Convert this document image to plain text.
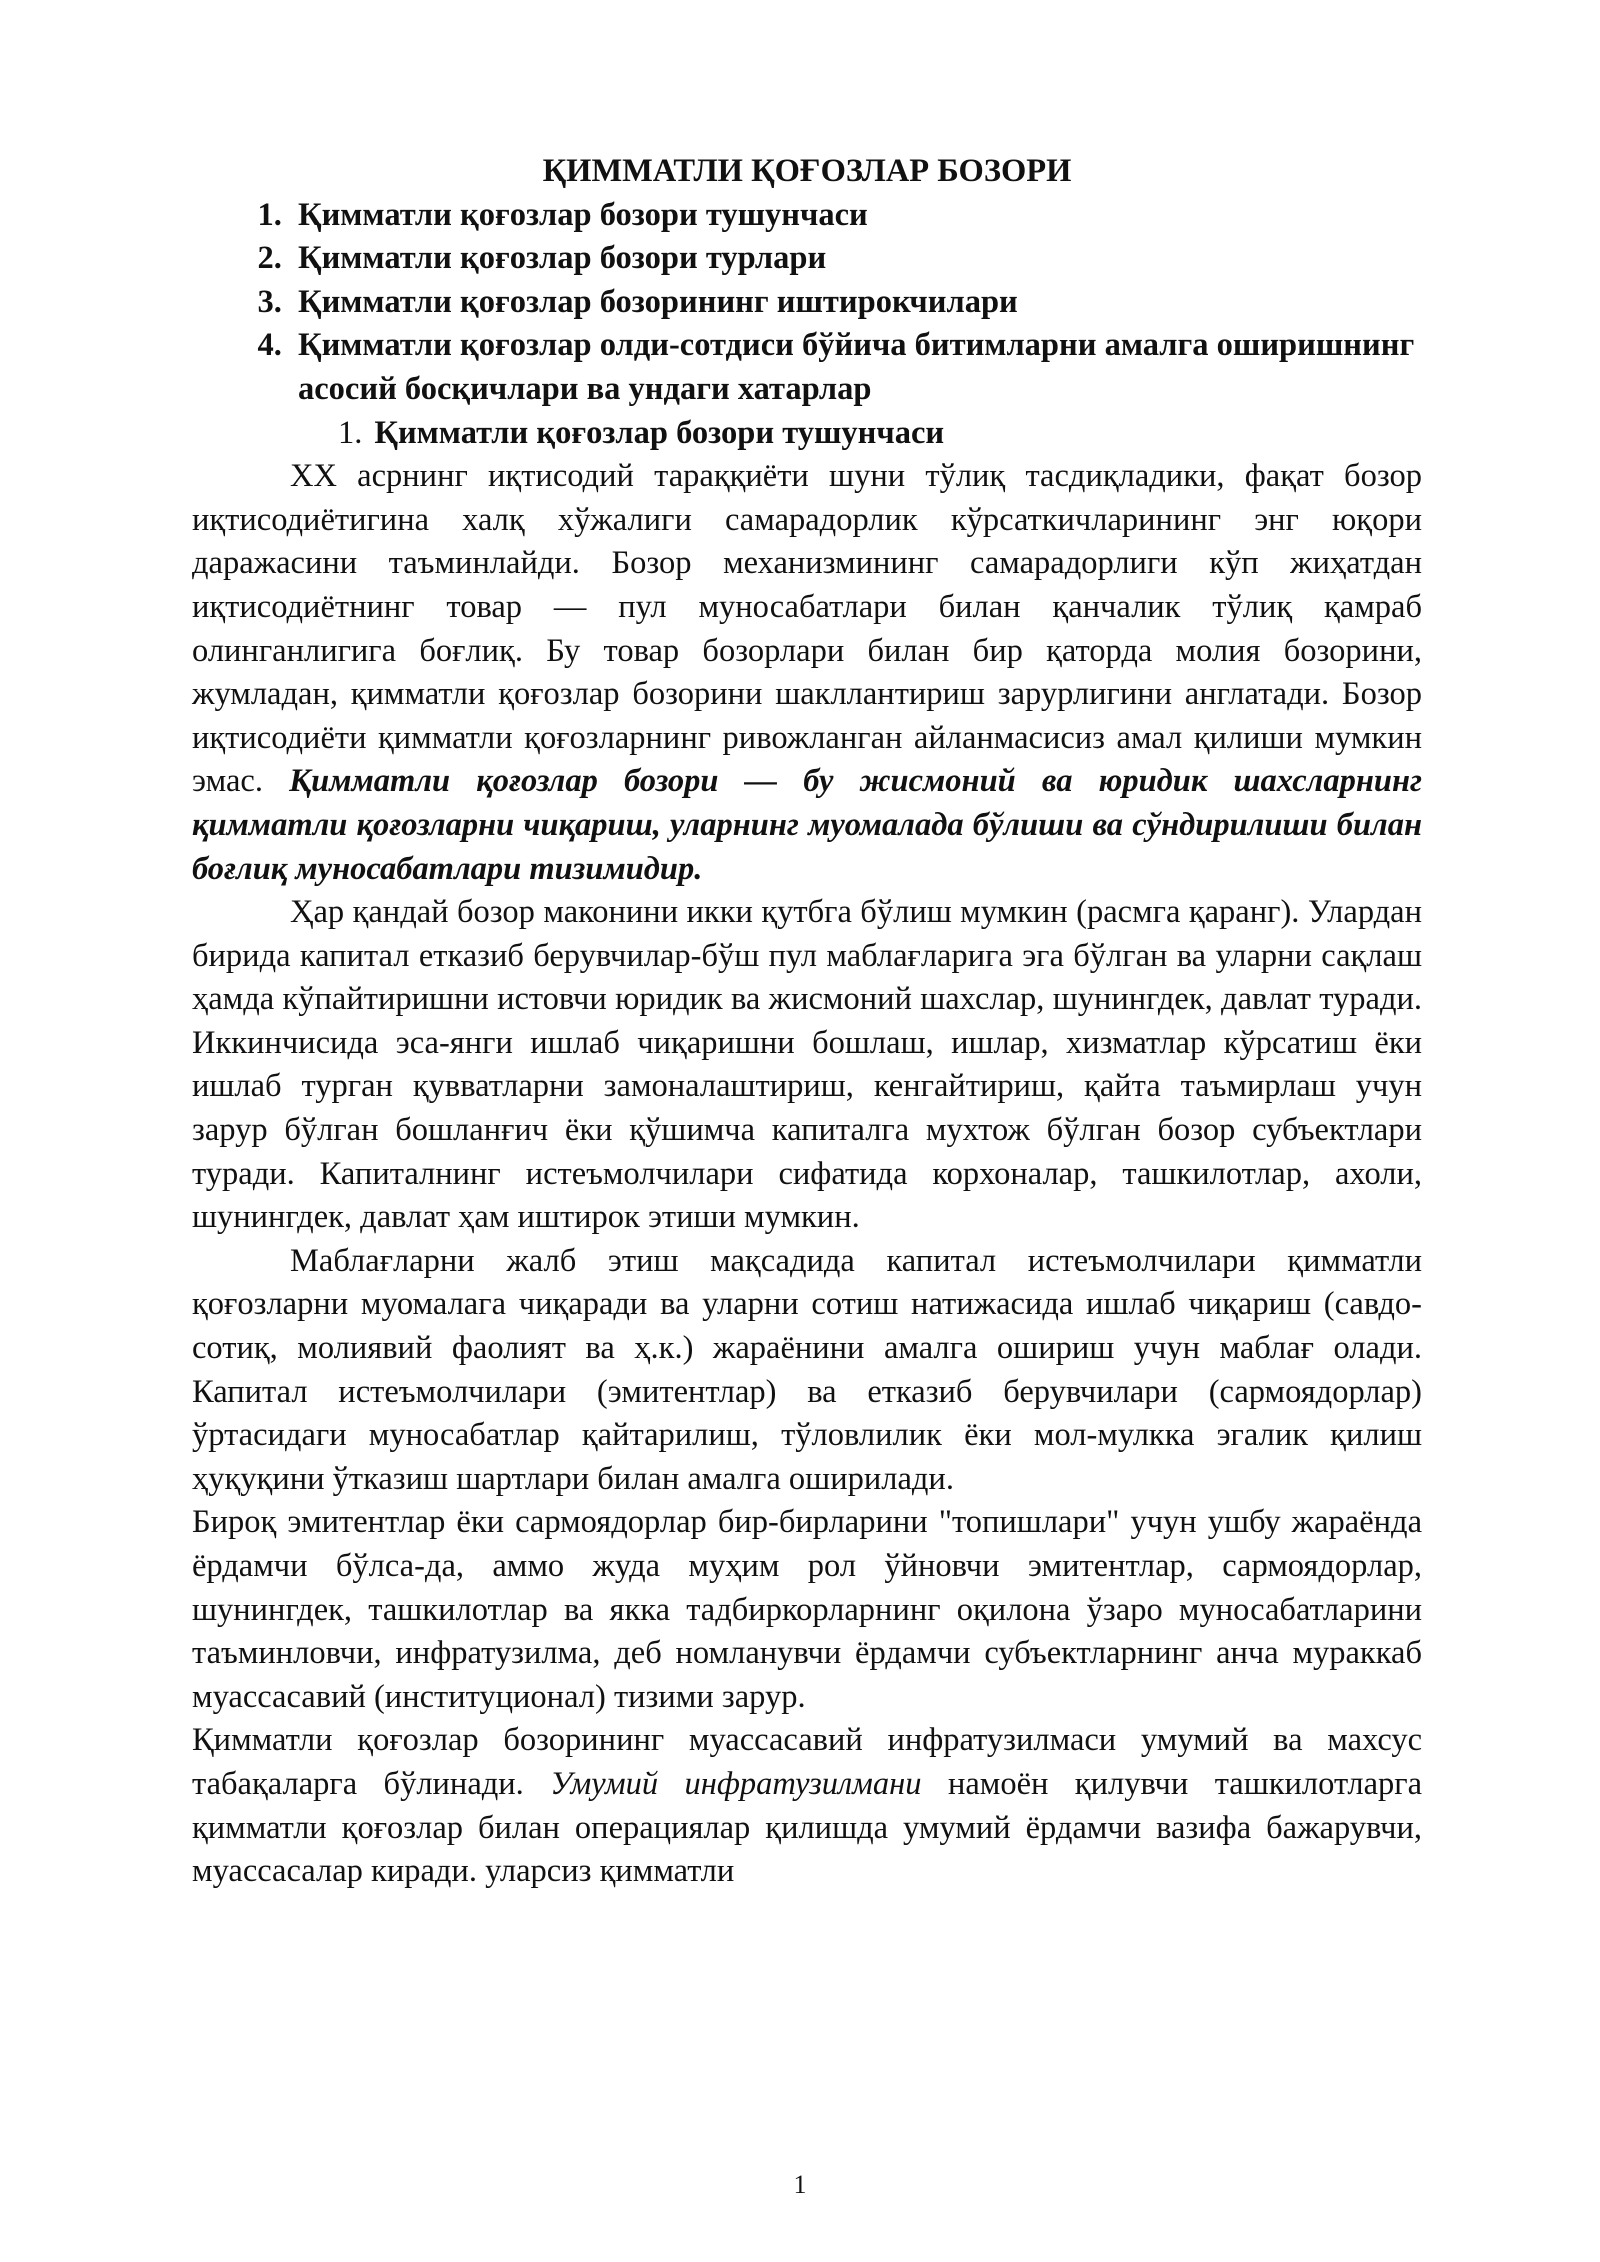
ҚИММАТЛИ ҚОҒОЗЛАР БОЗОРИ

1. Қимматли қоғозлар бозори тушунчаси
2. Қимматли қоғозлар бозори турлари
3. Қимматли қоғозлар бозорининг иштирокчилари
4. Қимматли қоғозлар олди-сотдиси бўйича битимларни амалга оширишнинг асосий босқичлари ва ундаги хатарлар

1. Қимматли қоғозлар бозори тушунчаси

XX асрнинг иқтисодий тараққиёти шуни тўлиқ тасдиқладики, фақат бозор иқтисодиётигина халқ хўжалиги самарадорлик кўрсаткичларининг энг юқори даражасини таъминлайди. Бозор механизмининг самарадорлиги кўп жиҳатдан иқтисодиётнинг товар — пул муносабатлари билан қанчалик тўлиқ қамраб олинганлигига боғлиқ. Бу товар бозорлари билан бир қаторда молия бозорини, жумладан, қимматли қоғозлар бозорини шакллантириш зарурлигини англатади. Бозор иқтисодиёти қимматли қоғозларнинг ривожланган айланмасисиз амал қилиши мумкин эмас. Қимматли қоғозлар бозори — бу жисмоний ва юридик шахсларнинг қимматли қоғозларни чиқариш, уларнинг муомалада бўлиши ва сўндирилиши билан боғлиқ муносабатлари тизимидир.

Ҳар қандай бозор маконини икки қутбга бўлиш мумкин (расмга қаранг). Улардан бирида капитал етказиб берувчилар-бўш пул маблағларига эга бўлган ва уларни сақлаш ҳамда кўпайтиришни истовчи юридик ва жисмоний шахслар, шунингдек, давлат туради. Иккинчисида эса-янги ишлаб чиқаришни бошлаш, ишлар, хизматлар кўрсатиш ёки ишлаб турган қувватларни замоналаштириш, кенгайтириш, қайта таъмирлаш учун зарур бўлган бошланғич ёки қўшимча капиталга мухтож бўлган бозор субъектлари туради. Капиталнинг истеъмолчилари сифатида корхоналар, ташкилотлар, ахоли, шунингдек, давлат ҳам иштирок этиши мумкин.

Маблағларни жалб этиш мақсадида капитал истеъмолчилари қимматли қоғозларни муомалага чиқаради ва уларни сотиш натижасида ишлаб чиқариш (савдо-сотиқ, молиявий фаолият ва ҳ.к.) жараёнини амалга ошириш учун маблағ олади. Капитал истеъмолчилари (эмитентлар) ва етказиб берувчилари (сармоядорлар) ўртасидаги муносабатлар қайтарилиш, тўловлилик ёки мол-мулкка эгалик қилиш ҳуқуқини ўтказиш шартлари билан амалга оширилади.

Бироқ эмитентлар ёки сармоядорлар бир-бирларини "топишлари" учун ушбу жараёнда ёрдамчи бўлса-да, аммо жуда муҳим рол ўйновчи эмитентлар, сармоядорлар, шунингдек, ташкилотлар ва якка тадбиркорларнинг оқилона ўзаро муносабатларини таъминловчи, инфратузилма, деб номланувчи ёрдамчи субъектларнинг анча мураккаб муассасавий (институционал) тизими зарур.

Қимматли қоғозлар бозорининг муассасавий инфратузилмаси умумий ва махсус табақаларга бўлинади. Умумий инфратузилмани намоён қилувчи ташкилотларга қимматли қоғозлар билан операциялар қилишда умумий ёрдамчи вазифа бажарувчи, муассасалар киради. уларсиз қимматли

1
